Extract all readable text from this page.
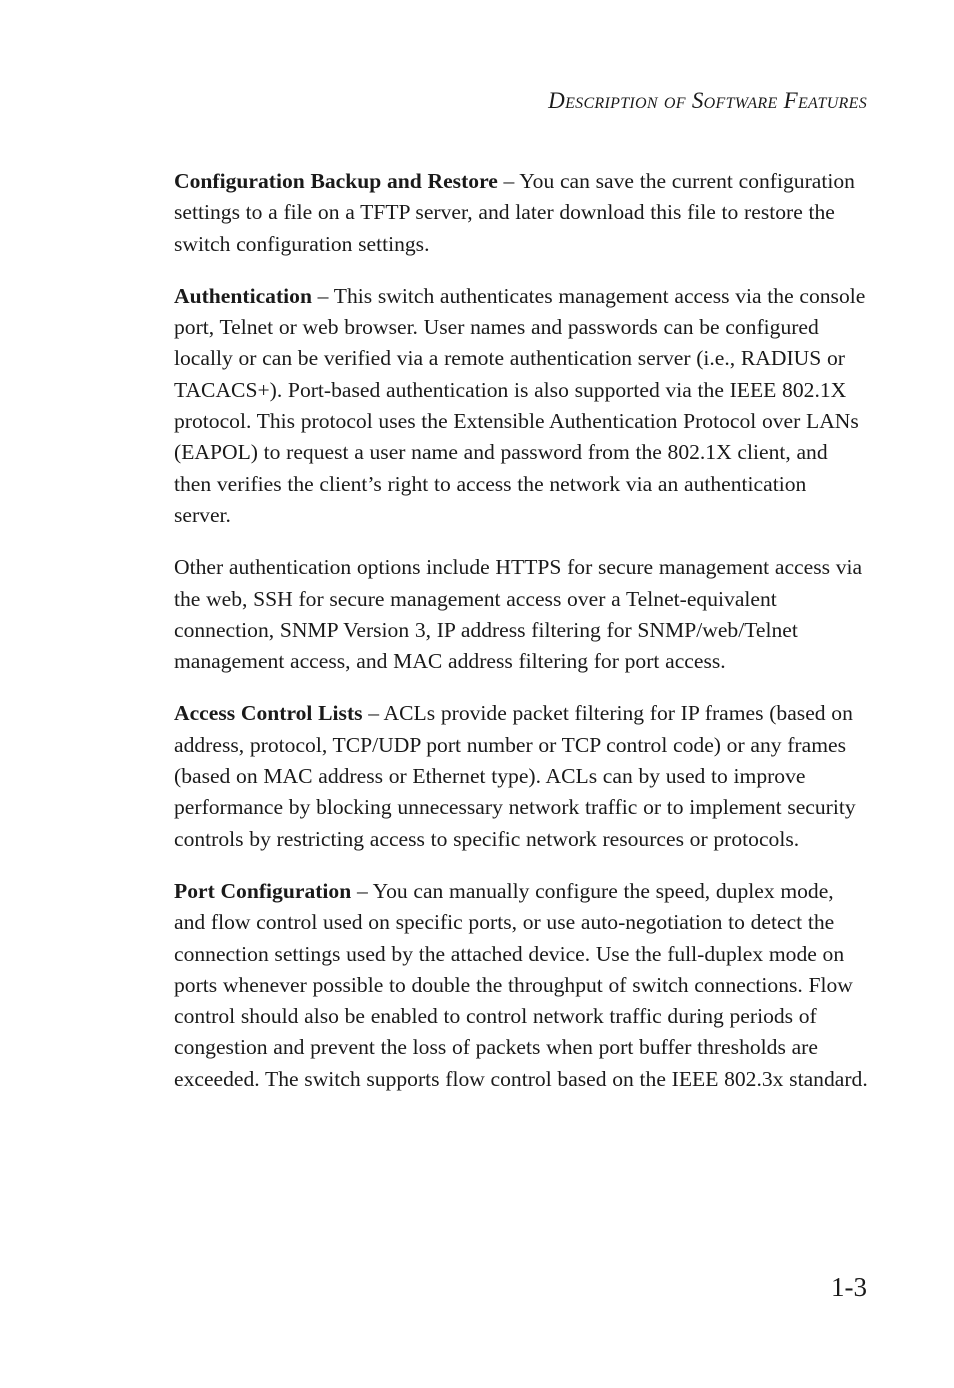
Description of Software Features

Configuration Backup and Restore – You can save the current configuration settings to a file on a TFTP server, and later download this file to restore the switch configuration settings.

Authentication – This switch authenticates management access via the console port, Telnet or web browser. User names and passwords can be configured locally or can be verified via a remote authentication server (i.e., RADIUS or TACACS+). Port-based authentication is also supported via the IEEE 802.1X protocol. This protocol uses the Extensible Authentication Protocol over LANs (EAPOL) to request a user name and password from the 802.1X client, and then verifies the client’s right to access the network via an authentication server.

Other authentication options include HTTPS for secure management access via the web, SSH for secure management access over a Telnet-equivalent connection, SNMP Version 3, IP address filtering for SNMP/web/Telnet management access, and MAC address filtering for port access.

Access Control Lists – ACLs provide packet filtering for IP frames (based on address, protocol, TCP/UDP port number or TCP control code) or any frames (based on MAC address or Ethernet type). ACLs can by used to improve performance by blocking unnecessary network traffic or to implement security controls by restricting access to specific network resources or protocols.

Port Configuration – You can manually configure the speed, duplex mode, and flow control used on specific ports, or use auto-negotiation to detect the connection settings used by the attached device. Use the full-duplex mode on ports whenever possible to double the throughput of switch connections. Flow control should also be enabled to control network traffic during periods of congestion and prevent the loss of packets when port buffer thresholds are exceeded. The switch supports flow control based on the IEEE 802.3x standard.

1-3
